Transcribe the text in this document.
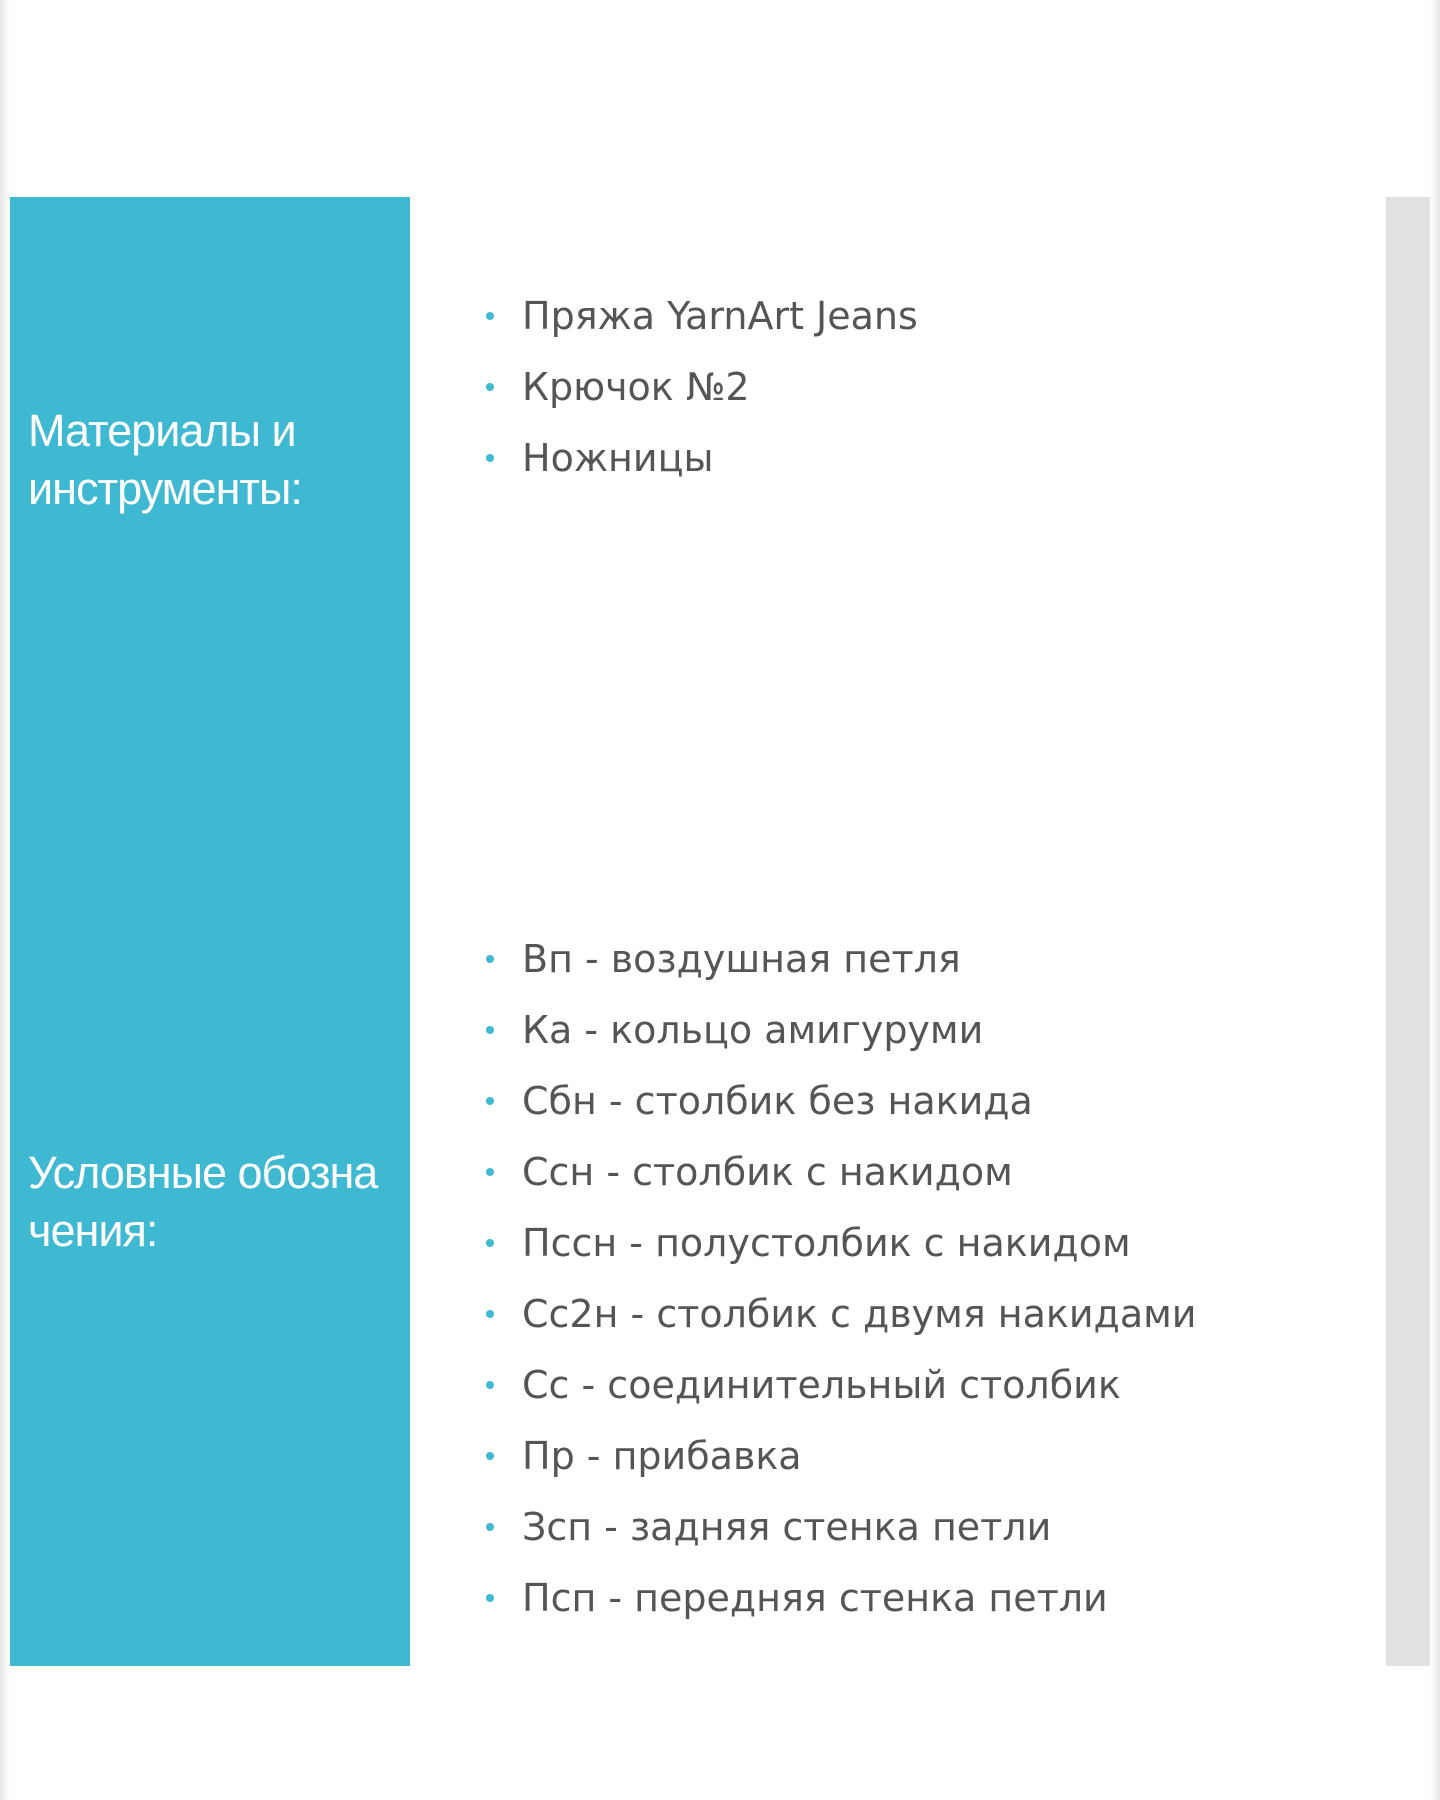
Материалы и
инструменты:
Условные обозна
чения:
Пряжа YarnArt Jeans
Крючок №2
Ножницы
Вп - воздушная петля
Ка - кольцо амигуруми
Сбн - столбик без накида
Ссн - столбик с накидом
Пссн - полустолбик с накидом
Сс2н - столбик с двумя накидами
Сс - соединительный столбик
Пр - прибавка
Зсп - задняя стенка петли
Псп - передняя стенка петли
